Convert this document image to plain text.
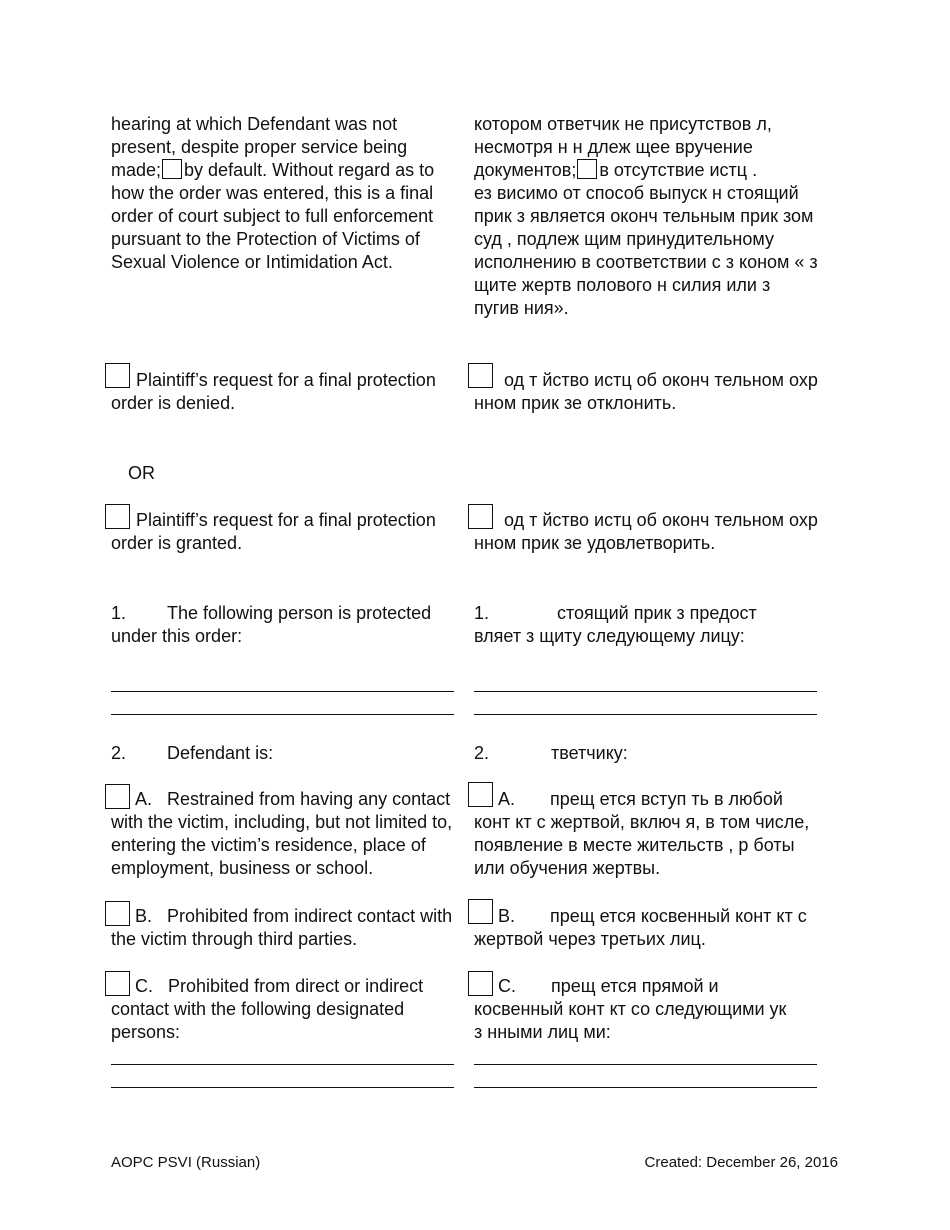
hearing at which Defendant was not present, despite proper service being made; by default. Without regard as to how the order was entered, this is a final order of court subject to full enforcement pursuant to the Protection of Victims of Sexual Violence or Intimidation Act.

котором ответчик не присутствов л, несмотря н н длеж щее вручение документов; в отсутствие истц .
ез висимо от способ выпуск н стоящий прик з является оконч тельным прик зом суд , подлеж щим принудительному исполнению в соответствии с з коном « з щите жертв полового н силия или з пугив ния».

Plaintiff’s request for a final protection order is denied.

од т йство истц об оконч тельном охр нном прик зе отклонить.

OR

Plaintiff’s request for a final protection order is granted.

од т йство истц об оконч тельном охр нном прик зе удовлетворить.

1. The following person is protected under this order:

1.	стоящий прик з предост вляет з щиту следующему лицу:

2. Defendant is:	2.	тветчику:

A. Restrained from having any contact with the victim, including, but not limited to, entering the victim’s residence, place of employment, business or school.

A.       прещ ется вступ ть в любой конт кт с жертвой, включ я, в том числе, появление в месте жительств , р боты или обучения жертвы.

B. Prohibited from indirect contact with the victim through third parties.

B.       прещ ется косвенный конт кт с жертвой через третьих лиц.

C. Prohibited from direct or indirect contact with the following designated persons:

C.       прещ ется прямой и косвенный конт кт со следующими ук з нными лиц ми:

AOPC PSVI (Russian)	Created: December 26, 2016
